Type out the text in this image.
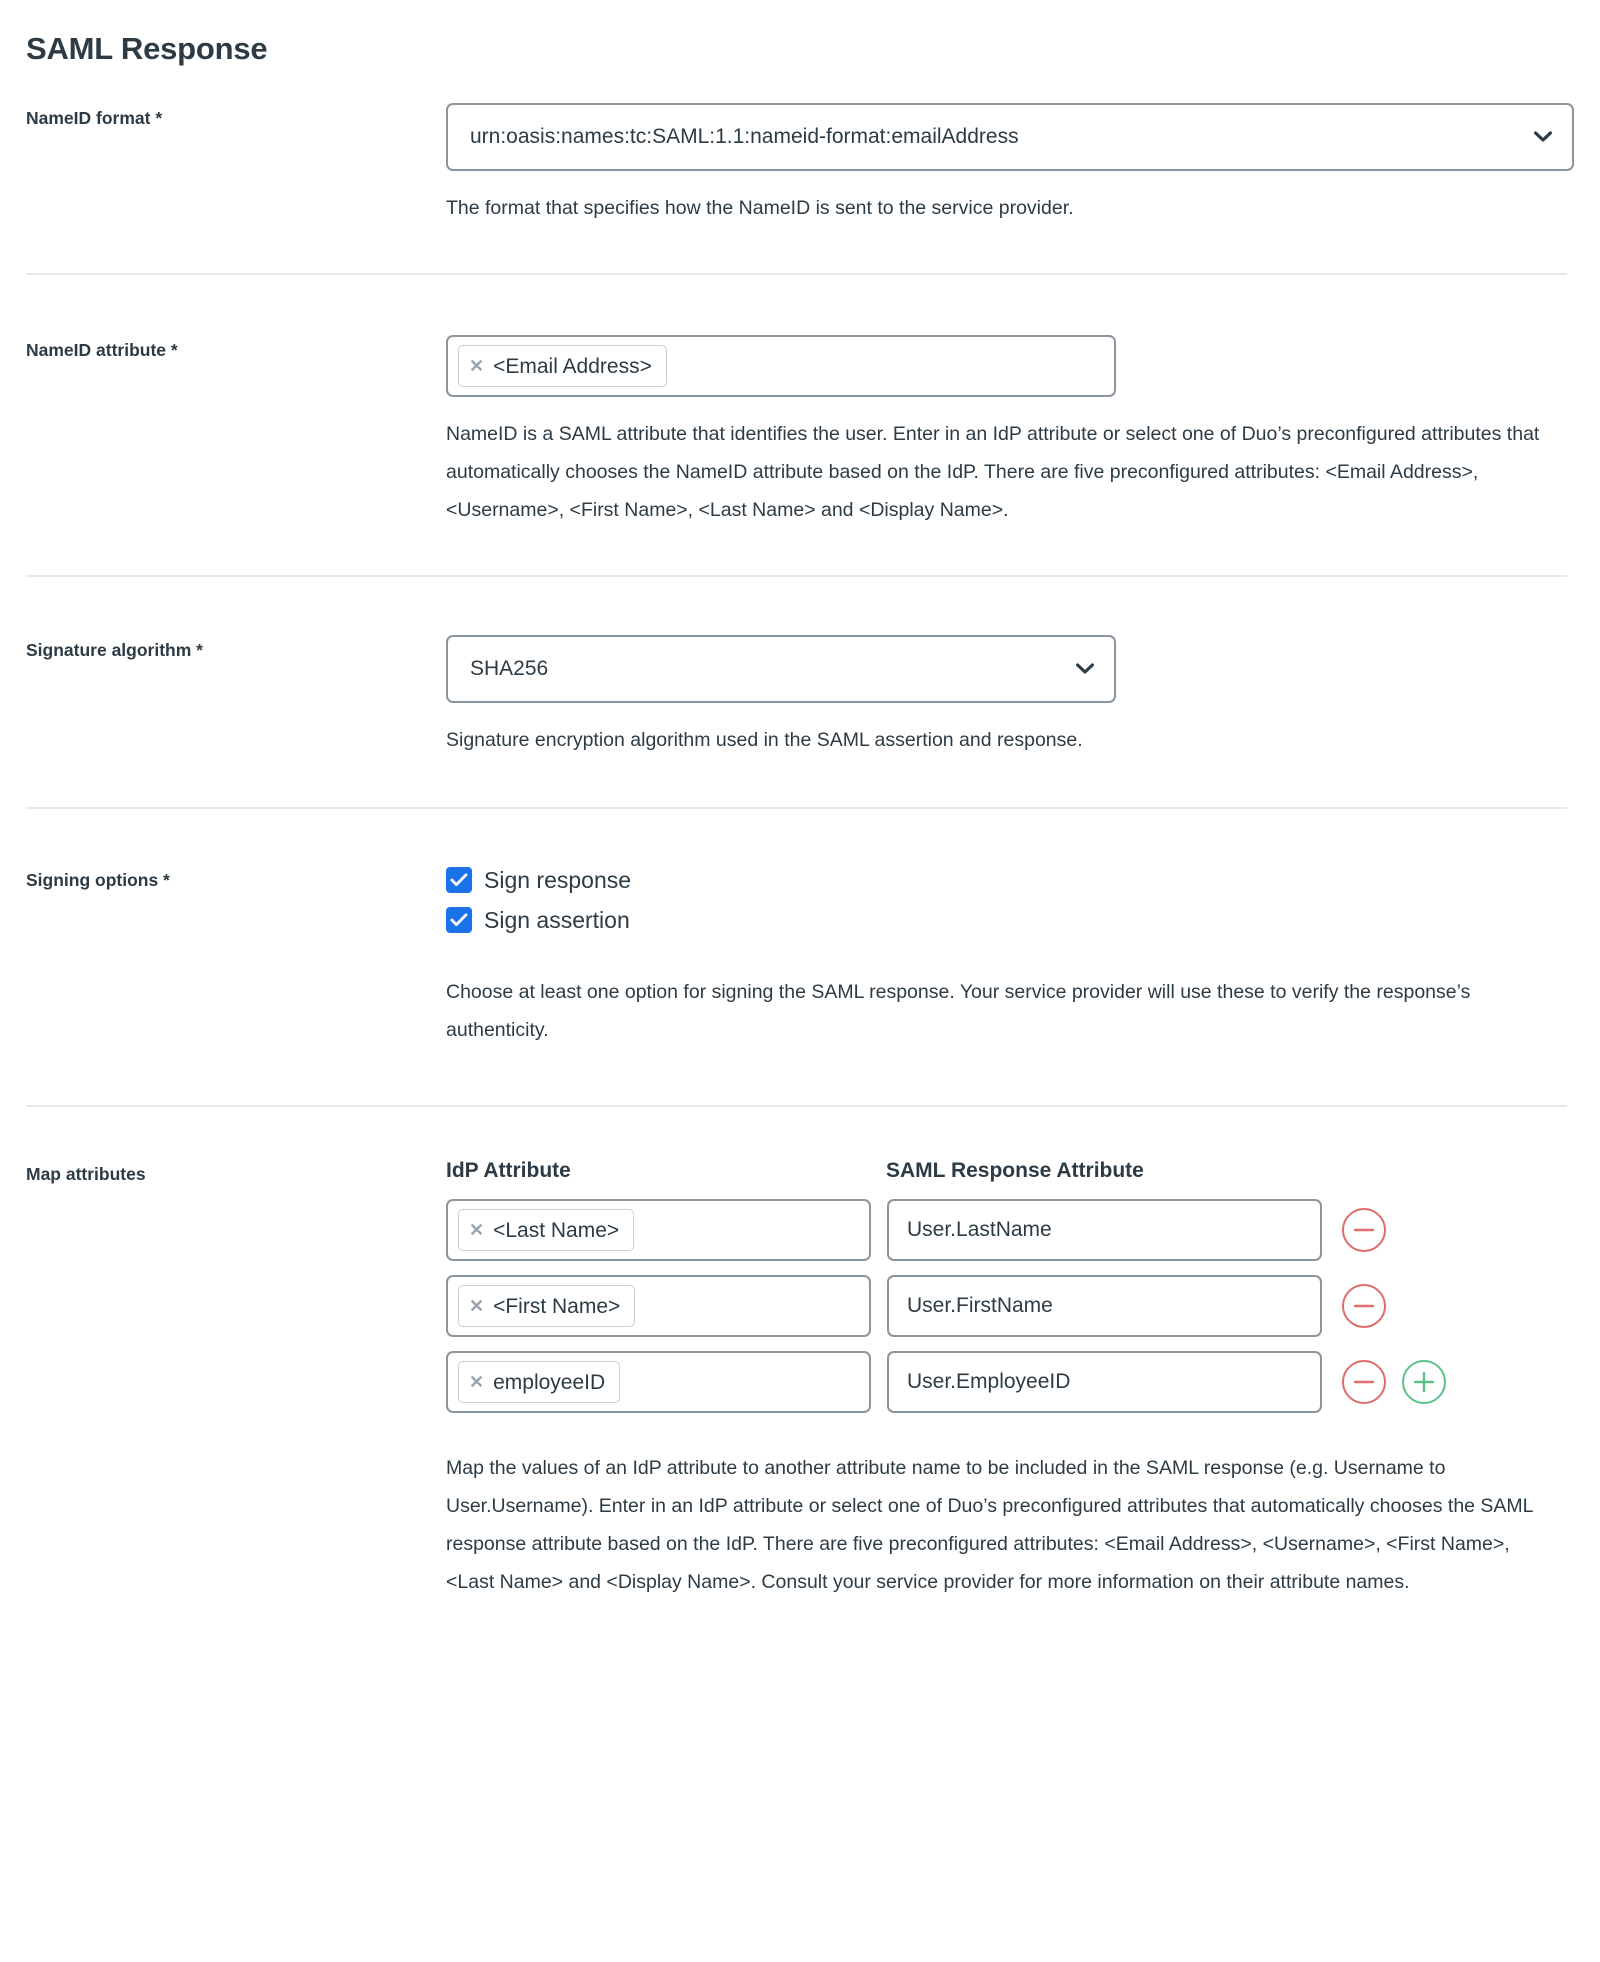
SAML Response
NameID format *
urn:oasis:names:tc:SAML:1.1:nameid-format:emailAddress

The format that specifies how the NameID is sent to the service provider.

NameID attribute *
✕ <Email Address>

NameID is a SAML attribute that identifies the user. Enter in an IdP attribute or select one of Duo’s preconfigured attributes that automatically chooses the NameID attribute based on the IdP. There are five preconfigured attributes: <Email Address>, <Username>, <First Name>, <Last Name> and <Display Name>.

Signature algorithm *
SHA256

Signature encryption algorithm used in the SAML assertion and response.

Signing options *	Sign response
Sign assertion

Choose at least one option for signing the SAML response. Your service provider will use these to verify the response’s authenticity.

Map attributes	IdP Attribute	SAML Response Attribute
✕ <Last Name>	User.LastName
✕ <First Name>	User.FirstName
✕ employeeID	User.EmployeeID

Map the values of an IdP attribute to another attribute name to be included in the SAML response (e.g. Username to User.Username). Enter in an IdP attribute or select one of Duo’s preconfigured attributes that automatically chooses the SAML response attribute based on the IdP. There are five preconfigured attributes: <Email Address>, <Username>, <First Name>, <Last Name> and <Display Name>. Consult your service provider for more information on their attribute names.
